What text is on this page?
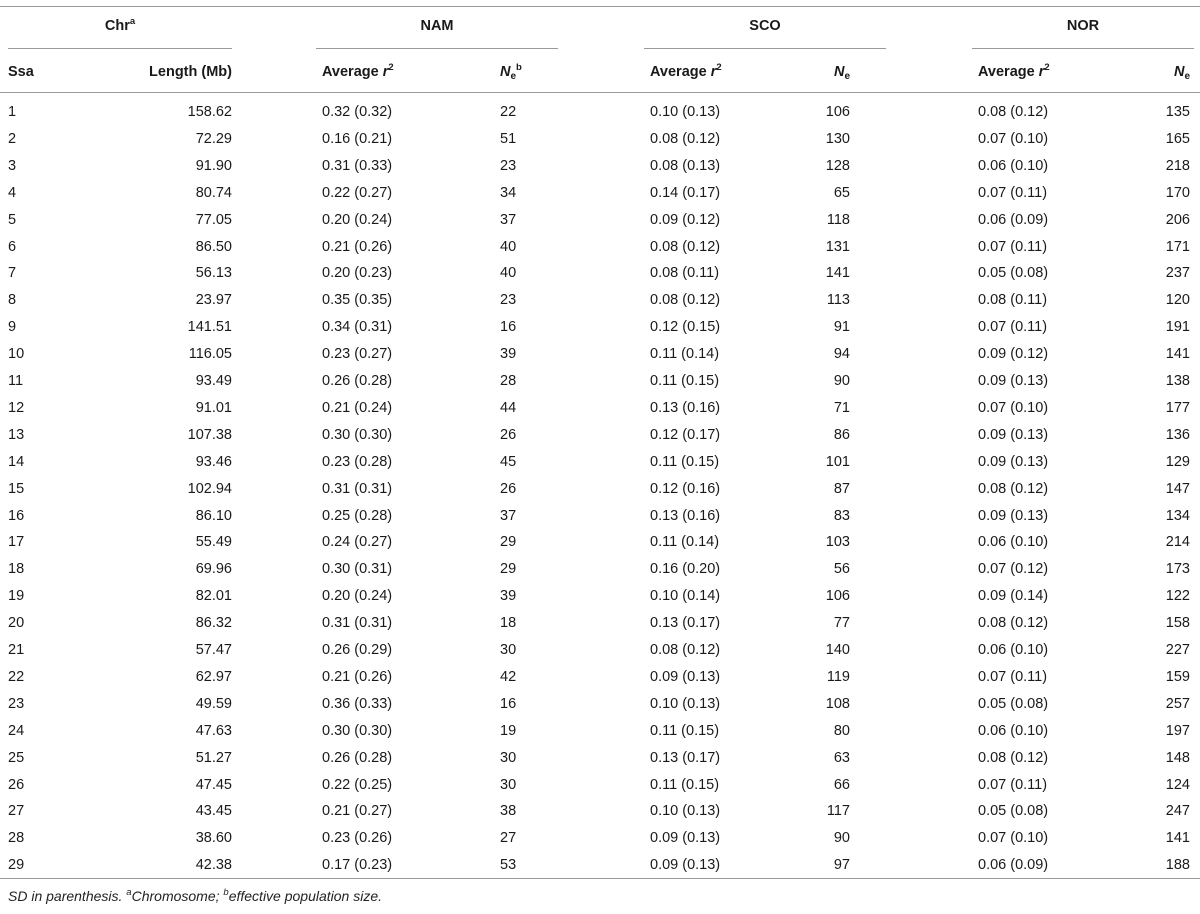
Chr$^a$	NAM	SCO	NOR
Ssa	Length (Mb)	Average $r^2$	$N_e^b$	Average $r^2$	$N_e$	Average $r^2$	$N_e$
1	158.62	0.32 (0.32)	22	0.10 (0.13)	106	0.08 (0.12)	135
2	72.29	0.16 (0.21)	51	0.08 (0.12)	130	0.07 (0.10)	165
3	91.90	0.31 (0.33)	23	0.08 (0.13)	128	0.06 (0.10)	218
4	80.74	0.22 (0.27)	34	0.14 (0.17)	65	0.07 (0.11)	170
5	77.05	0.20 (0.24)	37	0.09 (0.12)	118	0.06 (0.09)	206
6	86.50	0.21 (0.26)	40	0.08 (0.12)	131	0.07 (0.11)	171
7	56.13	0.20 (0.23)	40	0.08 (0.11)	141	0.05 (0.08)	237
8	23.97	0.35 (0.35)	23	0.08 (0.12)	113	0.08 (0.11)	120
9	141.51	0.34 (0.31)	16	0.12 (0.15)	91	0.07 (0.11)	191
10	116.05	0.23 (0.27)	39	0.11 (0.14)	94	0.09 (0.12)	141
11	93.49	0.26 (0.28)	28	0.11 (0.15)	90	0.09 (0.13)	138
12	91.01	0.21 (0.24)	44	0.13 (0.16)	71	0.07 (0.10)	177
13	107.38	0.30 (0.30)	26	0.12 (0.17)	86	0.09 (0.13)	136
14	93.46	0.23 (0.28)	45	0.11 (0.15)	101	0.09 (0.13)	129
15	102.94	0.31 (0.31)	26	0.12 (0.16)	87	0.08 (0.12)	147
16	86.10	0.25 (0.28)	37	0.13 (0.16)	83	0.09 (0.13)	134
17	55.49	0.24 (0.27)	29	0.11 (0.14)	103	0.06 (0.10)	214
18	69.96	0.30 (0.31)	29	0.16 (0.20)	56	0.07 (0.12)	173
19	82.01	0.20 (0.24)	39	0.10 (0.14)	106	0.09 (0.14)	122
20	86.32	0.31 (0.31)	18	0.13 (0.17)	77	0.08 (0.12)	158
21	57.47	0.26 (0.29)	30	0.08 (0.12)	140	0.06 (0.10)	227
22	62.97	0.21 (0.26)	42	0.09 (0.13)	119	0.07 (0.11)	159
23	49.59	0.36 (0.33)	16	0.10 (0.13)	108	0.05 (0.08)	257
24	47.63	0.30 (0.30)	19	0.11 (0.15)	80	0.06 (0.10)	197
25	51.27	0.26 (0.28)	30	0.13 (0.17)	63	0.08 (0.12)	148
26	47.45	0.22 (0.25)	30	0.11 (0.15)	66	0.07 (0.11)	124
27	43.45	0.21 (0.27)	38	0.10 (0.13)	117	0.05 (0.08)	247
28	38.60	0.23 (0.26)	27	0.09 (0.13)	90	0.07 (0.10)	141
29	42.38	0.17 (0.23)	53	0.09 (0.13)	97	0.06 (0.09)	188
SD in parenthesis. $^a$Chromosome; $^b$effective population size.
